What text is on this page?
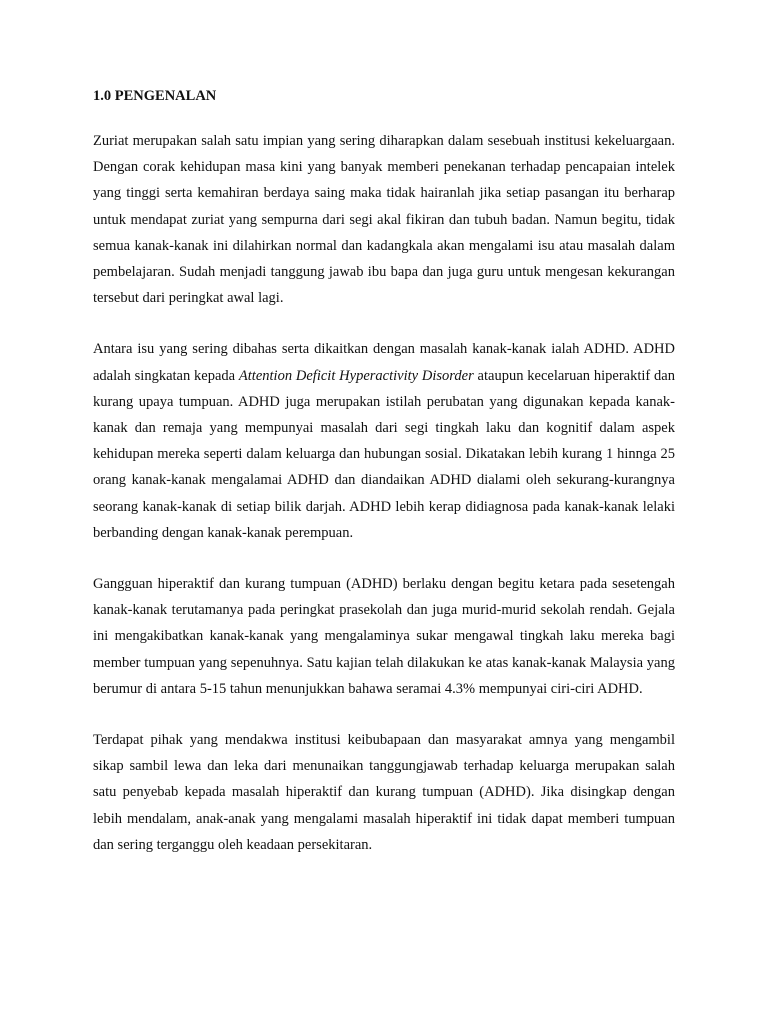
1.0 PENGENALAN

Zuriat merupakan salah satu impian yang sering diharapkan dalam sesebuah institusi kekeluargaan. Dengan corak kehidupan masa kini yang banyak memberi penekanan terhadap pencapaian intelek yang tinggi serta kemahiran berdaya saing maka tidak hairanlah jika setiap pasangan itu berharap untuk mendapat zuriat yang sempurna dari segi akal fikiran dan tubuh badan. Namun begitu, tidak semua kanak-kanak ini dilahirkan normal dan kadangkala akan mengalami isu atau masalah dalam pembelajaran. Sudah menjadi tanggung jawab ibu bapa dan juga guru untuk mengesan kekurangan tersebut dari peringkat awal lagi.

Antara isu yang sering dibahas serta dikaitkan dengan masalah kanak-kanak ialah ADHD. ADHD adalah singkatan kepada Attention Deficit Hyperactivity Disorder ataupun kecelaruan hiperaktif dan kurang upaya tumpuan. ADHD juga merupakan istilah perubatan yang digunakan kepada kanak-kanak dan remaja yang mempunyai masalah dari segi tingkah laku dan kognitif dalam aspek kehidupan mereka seperti dalam keluarga dan hubungan sosial. Dikatakan lebih kurang 1 hinnga 25 orang kanak-kanak mengalamai ADHD dan diandaikan ADHD dialami oleh sekurang-kurangnya seorang kanak-kanak di setiap bilik darjah. ADHD lebih kerap didiagnosa pada kanak-kanak lelaki berbanding dengan kanak-kanak perempuan.

Gangguan hiperaktif dan kurang tumpuan (ADHD) berlaku dengan begitu ketara pada sesetengah kanak-kanak terutamanya pada peringkat prasekolah dan juga murid-murid sekolah rendah. Gejala ini mengakibatkan kanak-kanak yang mengalaminya sukar mengawal tingkah laku mereka bagi member tumpuan yang sepenuhnya. Satu kajian telah dilakukan ke atas kanak-kanak Malaysia yang berumur di antara 5-15 tahun menunjukkan bahawa seramai 4.3% mempunyai ciri-ciri ADHD.

Terdapat pihak yang mendakwa institusi keibubapaan dan masyarakat amnya yang mengambil sikap sambil lewa dan leka dari menunaikan tanggungjawab terhadap keluarga merupakan salah satu penyebab kepada masalah hiperaktif dan kurang tumpuan (ADHD). Jika disingkap dengan lebih mendalam, anak-anak yang mengalami masalah hiperaktif ini tidak dapat memberi tumpuan dan sering terganggu oleh keadaan persekitaran.
